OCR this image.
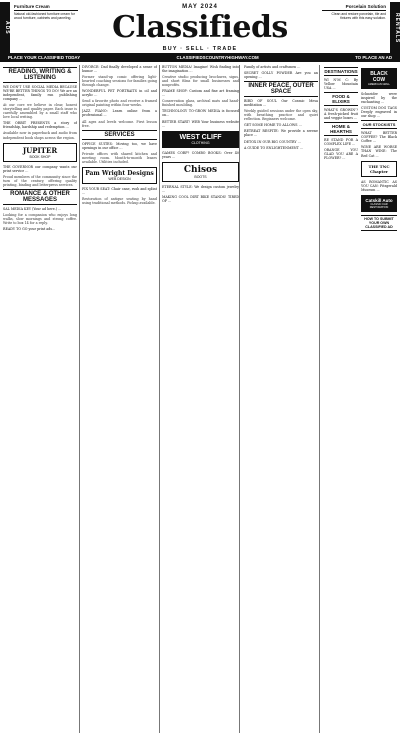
ADS	RENTALS
Furniture Cream
Natural old-fashioned furniture cream for wood furniture, cabinets and paneling.
Porcelain Solution
Clean and restore porcelain, tile and fixtures with this easy solution.
MAY 2024
Classifieds
BUY · SELL · TRADE
PLACE YOUR CLASSIFIED TODAY	CLASSIFIEDSCOUNTRYHIGHWAY.COM	TO PLACE AN AD
READING, WRITING & LISTENING
WE DON'T USE SOCIAL MEDIA BECAUSE WE'RE BETTER THINGS TO DO! We are an independent, family run publishing company ...
At our core we believe in clear, honest storytelling and quality paper. Each issue is carefully assembled by a small staff who love local writing.
THE ORBIT PRESENTS a story of friendship, hardship and redemption ...
Available now in paperback and audio from independent book shops across the region.
JUPITER
BOOK SHOP
THE GOVERNOR our company wants our print service ...
Proud members of the community since the turn of the century, offering quality printing, binding and letterpress services.
ROMANCE & OTHER MESSAGES
SAL MEDIA KEY (Your ad here.) ...
Looking for a companion who enjoys long walks, slow mornings and strong coffee. Write to box 14 for a reply.
READY TO GO your print ads...
DIVORCE: Dad finally developed a sense of humor ...
Former stand-up comic offering light-hearted coaching sessions for families going through change.
WONDERFUL PET PORTRAITS in oil and acrylic ...
Send a favorite photo and receive a framed original painting within four weeks.
JAZZ PIANO: Learn online from a professional ...
All ages and levels welcome. First lesson free.
SERVICES
OFFICE SUITES: Moving too, we have openings in our office ...
Private offices with shared kitchen and meeting room. Month-to-month leases available. Utilities included.
Pam Wright Designs
WEB DESIGN
FIX YOUR SEAT: Chair cane, rush and splint ...
Restoration of antique seating by hand using traditional methods. Pickup available.
BUTTON MEDIA! Imagine! Wish finding into the imagination ...
Creative studio producing brochures, signs, and short films for small businesses and nonprofits.
FRAME SHOP: Custom and fine art framing ...
Conservation glass, archival mats and hand-finished moulding.
TECHNOLOGY TO-GROW MEDIA is focused on...
BETTER START! WEB Your business website ...
WEST CLIFF
CLOTHING
GAMES CORP? COMBO BOOKS: Over 40 years ...
Chisos
BOOTS
ETERNAL STYLE: We design custom jewelry ...
MAKING COOL DIRT BIKE STANDS! TIRED OF ...
Family of artists and craftsmen ...
SECRET GOLLY POWDER Are you an opening ...
INNER PEACE, OUTER SPACE
BIRD OF SOUL Our Cosmic Mesa meditation ...
Weekly guided sessions under the open sky, with breathing practice and quiet reflection. Beginners welcome.
GET SOME HOME TO ALLOWS ...
RETREAT RESPITE: We provide a serene place ...
DETOX IN OUR BIG COUNTRY ...
A GUIDE TO ENLIGHTENMENT ...
DESTINATIONS
WI N'M C: By Yellow Mountain USA ...
FOOD & ELIXIRS
WHAT'S GROWIN'? A fresh-picked fruit and veggie boxes ...
HOME & HEARTHS
RE STAND FOR A COMPLEX LIFE ...
ORANGE YOU GLAD YOU ARE A FLOWER? ...
BLACK COW
AMERICAN GRILL
Schneider were inspired by the enchanting ...
CUSTOM DOG TAGS Deeply engraved in our shop ...
OUR STOCKISTS
WHAT BETTER COFFEE? The Black Coffee ...
WINE ARE WORSE THAN WINE: The Red Cat ...
THE TNC Chapter
AS ROMANTIC AS YOU CAN: Fitzgerald Museum ...
Catskill Auto
CLASSIC CAR RESTORATION
HOW TO SUBMIT YOUR OWN CLASSIFIED AD
